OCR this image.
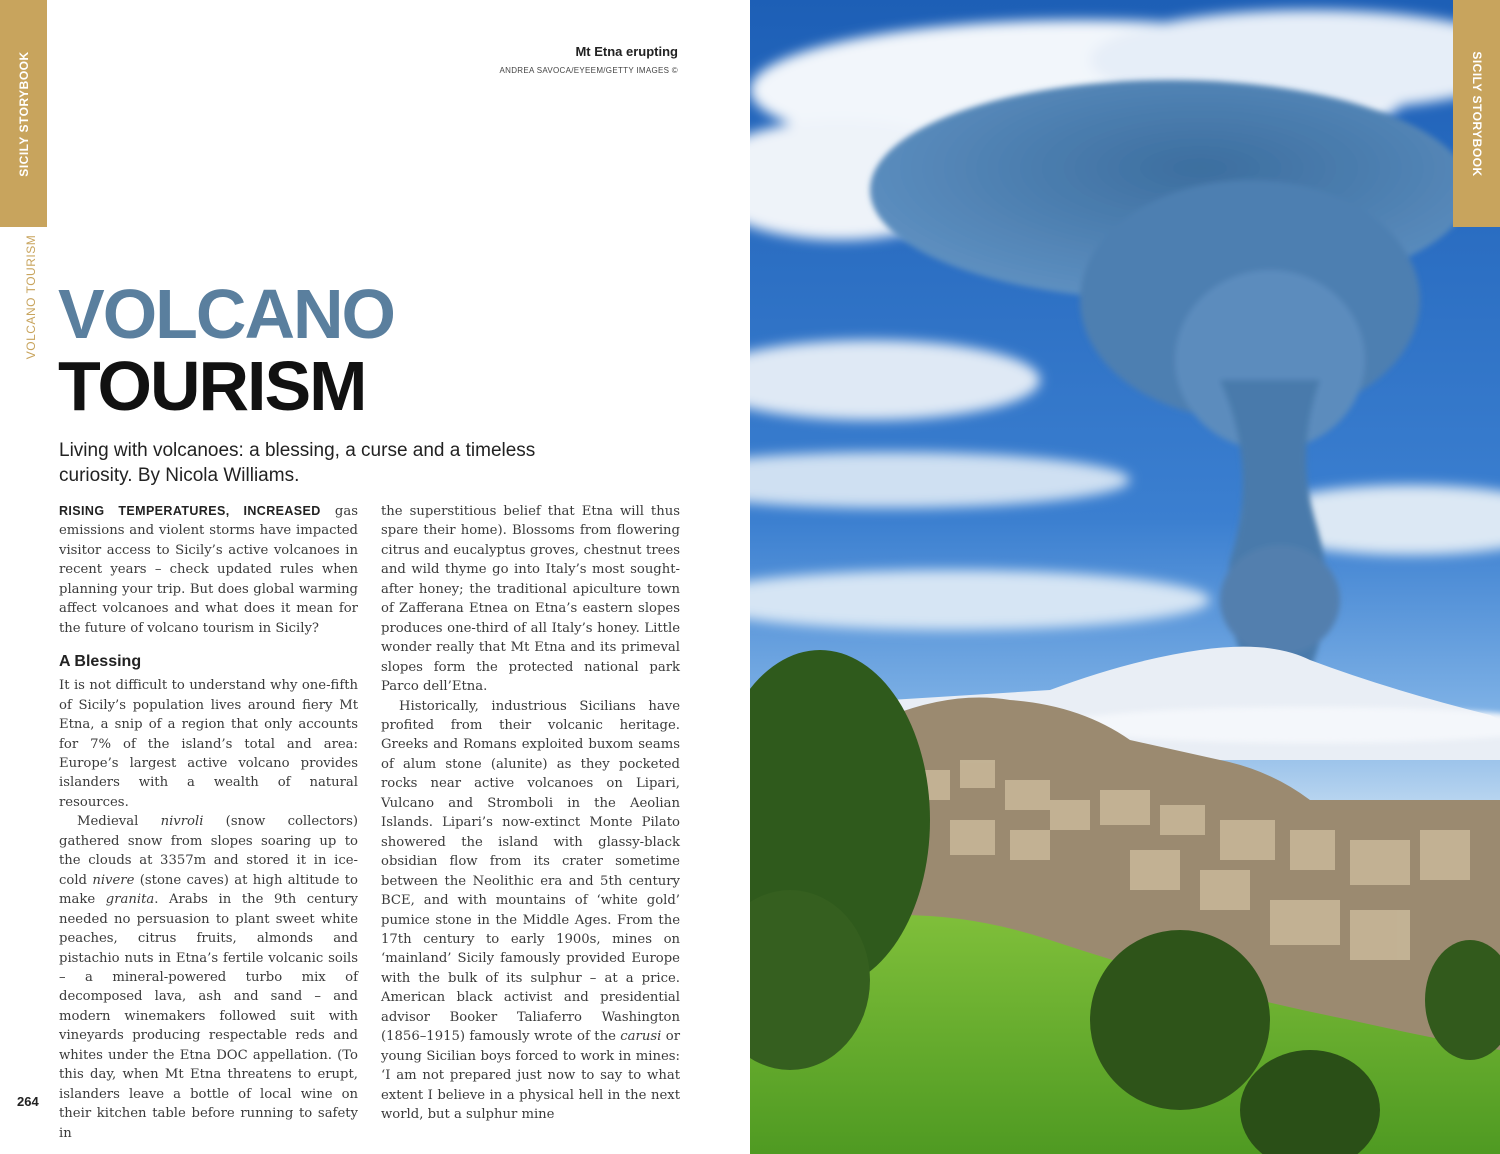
SICILY STORYBOOK
VOLCANO TOURISM
Mt Etna erupting
ANDREA SAVOCA/EYEEM/GETTY IMAGES ©
VOLCANO
TOURISM

Living with volcanoes: a blessing, a curse and a timeless curiosity. By Nicola Williams.

RISING TEMPERATURES, INCREASED gas emissions and violent storms have impacted visitor access to Sicily’s active volcanoes in recent years – check updated rules when planning your trip. But does global warming affect volcanoes and what does it mean for the future of volcano tourism in Sicily?

A Blessing

It is not difficult to understand why one-fifth of Sicily’s population lives around fiery Mt Etna, a snip of a region that only accounts for 7% of the island’s total and area: Europe’s largest active volcano provides islanders with a wealth of natural resources.

Medieval nivroli (snow collectors) gathered snow from slopes soaring up to the clouds at 3357m and stored it in ice-cold nivere (stone caves) at high altitude to make granita. Arabs in the 9th century needed no persuasion to plant sweet white peaches, citrus fruits, almonds and pistachio nuts in Etna’s fertile volcanic soils – a mineral-powered turbo mix of decomposed lava, ash and sand – and modern winemakers followed suit with vineyards producing respectable reds and whites under the Etna DOC appellation. (To this day, when Mt Etna threatens to erupt, islanders leave a bottle of local wine on their kitchen table before running to safety in

the superstitious belief that Etna will thus spare their home). Blossoms from flowering citrus and eucalyptus groves, chestnut trees and wild thyme go into Italy’s most sought-after honey; the traditional apiculture town of Zafferana Etnea on Etna’s eastern slopes produces one-third of all Italy’s honey. Little wonder really that Mt Etna and its primeval slopes form the protected national park Parco dell’Etna.

Historically, industrious Sicilians have profited from their volcanic heritage. Greeks and Romans exploited buxom seams of alum stone (alunite) as they pocketed rocks near active volcanoes on Lipari, Vulcano and Stromboli in the Aeolian Islands. Lipari’s now-extinct Monte Pilato showered the island with glassy-black obsidian flow from its crater sometime between the Neolithic era and 5th century BCE, and with mountains of ‘white gold’ pumice stone in the Middle Ages. From the 17th century to early 1900s, mines on ‘mainland’ Sicily famously provided Europe with the bulk of its sulphur – at a price. American black activist and presidential advisor Booker Taliaferro Washington (1856–1915) famously wrote of the carusi or young Sicilian boys forced to work in mines: ‘I am not prepared just now to say to what extent I believe in a physical hell in the next world, but a sulphur mine

264
SICILY STORYBOOK
